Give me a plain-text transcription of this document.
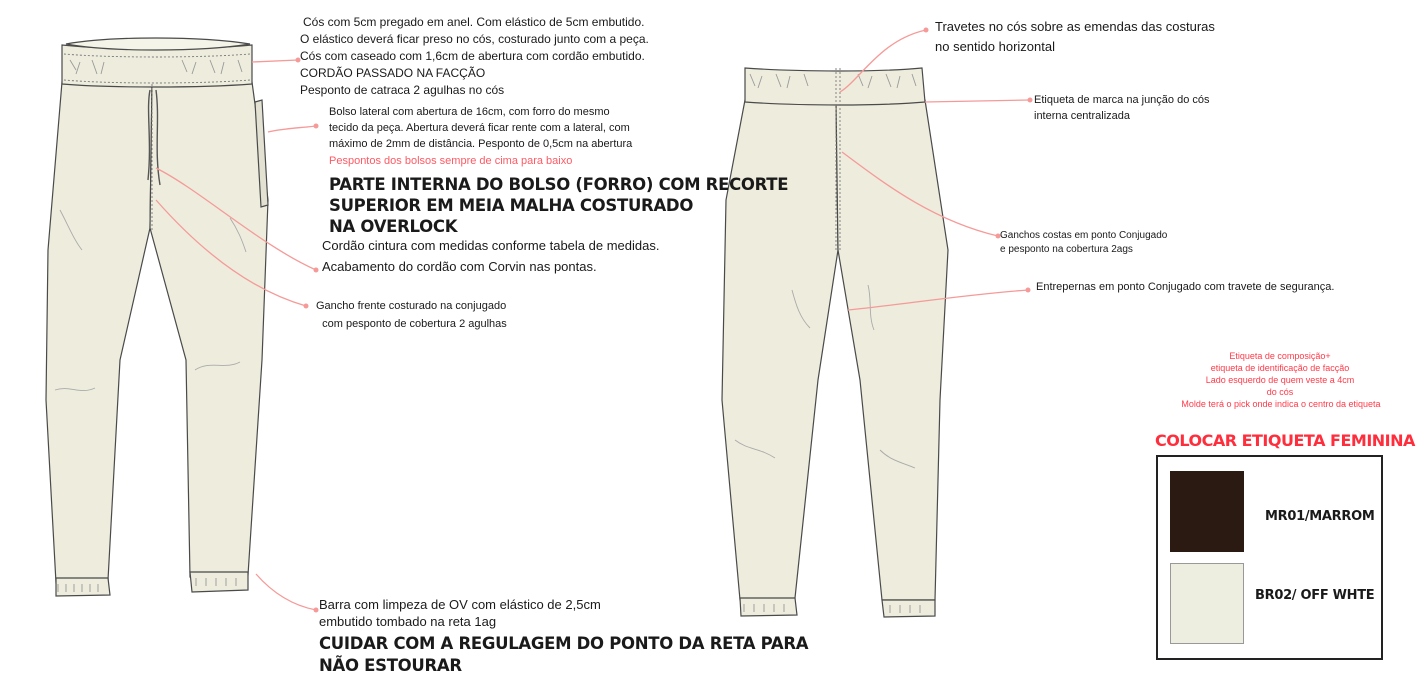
Cós com 5cm pregado em anel. Com elástico de 5cm embutido.
O elástico deverá ficar preso no cós, costurado junto com a peça.
Cós com caseado com 1,6cm de abertura com cordão embutido.
CORDÃO PASSADO NA FACÇÃO
Pesponto de catraca 2 agulhas no cós
Bolso lateral com abertura de 16cm, com forro do mesmo
tecido da peça. Abertura deverá ficar rente com a lateral, com
máximo de 2mm de distância. Pesponto de 0,5cm na abertura
Pespontos dos bolsos sempre de cima para baixo
PARTE INTERNA DO BOLSO (FORRO) COM RECORTE
SUPERIOR EM MEIA MALHA COSTURADO
NA OVERLOCK
Cordão cintura com medidas conforme tabela de medidas.
Acabamento do cordão com Corvin nas pontas.
Gancho frente costurado na conjugado
com pesponto de cobertura 2 agulhas
Barra com limpeza de OV com elástico de 2,5cm
embutido tombado na reta 1ag
CUIDAR COM A REGULAGEM DO PONTO DA RETA PARA
NÃO ESTOURAR
Travetes no cós sobre as emendas das costuras
no sentido horizontal
Etiqueta de marca na junção do cós
interna centralizada
Ganchos costas em ponto Conjugado
e pesponto na cobertura 2ags
Entrepernas em ponto Conjugado com travete de segurança.
Etiqueta de composição+
etiqueta de identificação de facção
Lado esquerdo de quem veste a 4cm
do cós
Molde terá o pick onde indica o centro da etiqueta
COLOCAR ETIQUETA FEMININA
MR01/MARROM
BR02/ OFF WHTE
